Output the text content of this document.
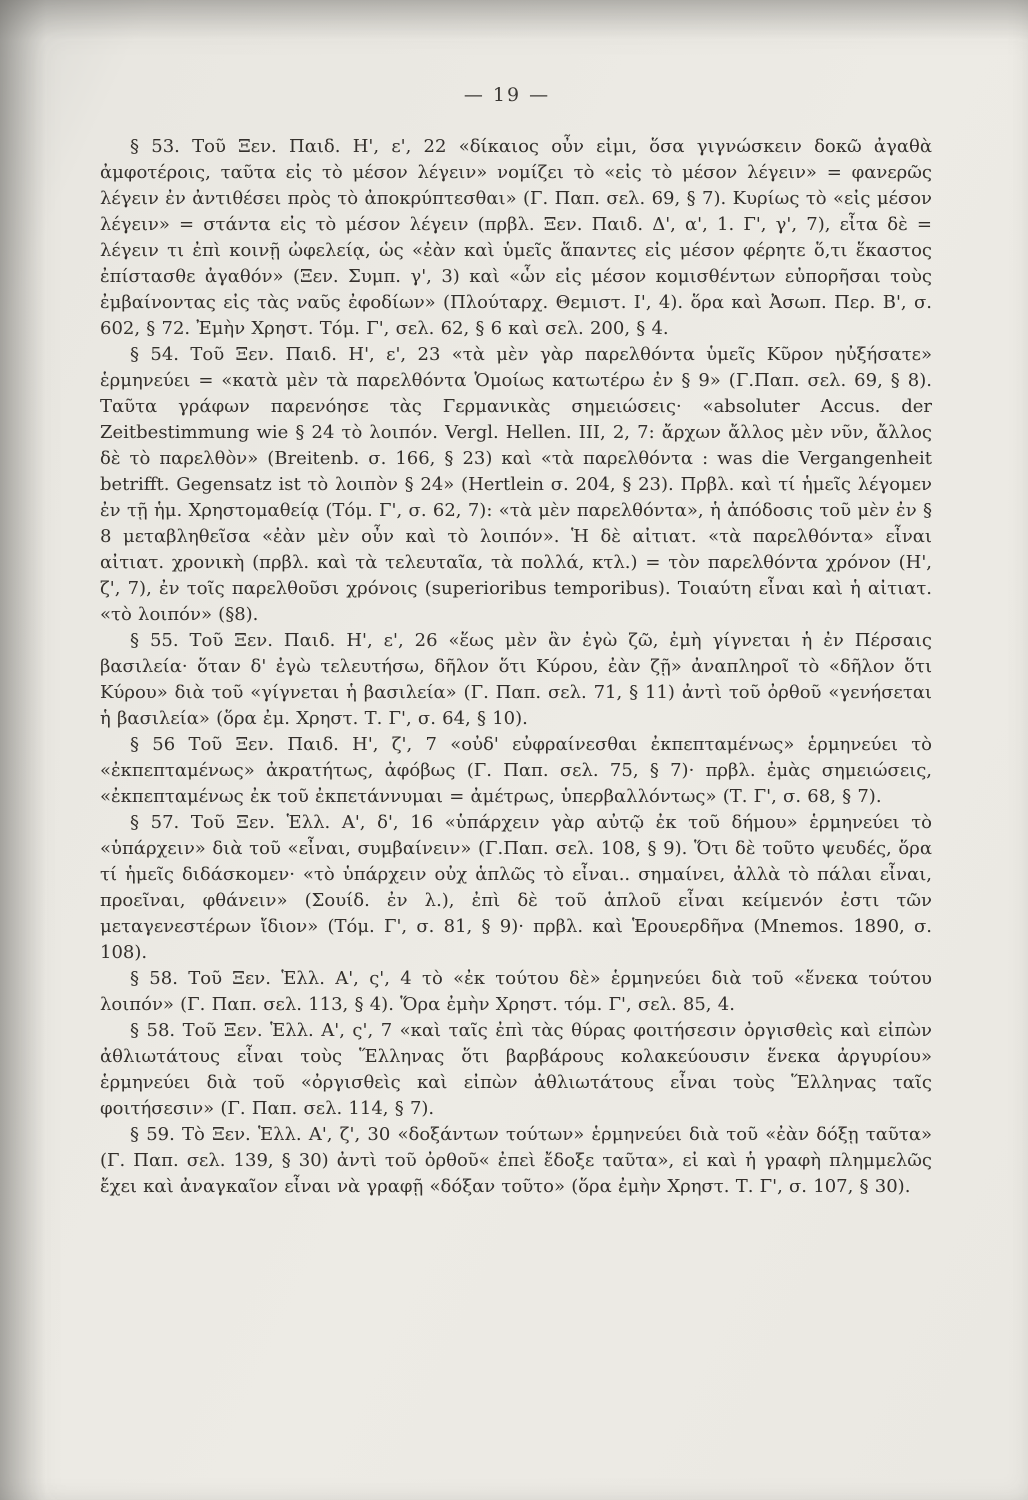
— 19 —

§ 53. Τοῦ Ξεν. Παιδ. Η', ε', 22 «δίκαιος οὖν εἰμι, ὅσα γιγνώσκειν δοκῶ ἀγαθὰ ἀμφοτέροις, ταῦτα εἰς τὸ μέσον λέγειν» νομίζει τὸ «εἰς τὸ μέσον λέγειν» = φανερῶς λέγειν ἐν ἀντιθέσει πρὸς τὸ ἀποκρύπτεσθαι» (Γ. Παπ. σελ. 69, § 7). Κυρίως τὸ «εἰς μέσον λέγειν» = στάντα εἰς τὸ μέσον λέγειν (πρβλ. Ξεν. Παιδ. Δ', α', 1. Γ', γ', 7), εἶτα δὲ = λέγειν τι ἐπὶ κοινῇ ὠφελείᾳ, ὡς «ἐὰν καὶ ὑμεῖς ἅπαντες εἰς μέσον φέρητε ὅ,τι ἕκαστος ἐπίστασθε ἀγαθόν» (Ξεν. Συμπ. γ', 3) καὶ «ὧν εἰς μέσον κομισθέντων εὐπορῆσαι τοὺς ἐμβαίνοντας εἰς τὰς ναῦς ἐφοδίων» (Πλούταρχ. Θεμιστ. Ι', 4). ὅρα καὶ Ἀσωπ. Περ. Β', σ. 602, § 72. Ἐμὴν Χρηστ. Τόμ. Γ', σελ. 62, § 6 καὶ σελ. 200, § 4.

§ 54. Τοῦ Ξεν. Παιδ. Η', ε', 23 «τὰ μὲν γὰρ παρελθόντα ὑμεῖς Κῦρον ηὐξήσατε» ἑρμηνεύει = «κατὰ μὲν τὰ παρελθόντα Ὁμοίως κατωτέρω ἐν § 9» (Γ.Παπ. σελ. 69, § 8). Ταῦτα γράφων παρενόησε τὰς Γερμανικὰς σημειώσεις· «absoluter Accus. der Zeitbestimmung wie § 24 τὸ λοιπόν. Vergl. Hellen. III, 2, 7: ἄρχων ἄλλος μὲν νῦν, ἄλλος δὲ τὸ παρελθὸν» (Breitenb. σ. 166, § 23) καὶ «τὰ παρελθόντα : was die Vergangenheit betrifft. Gegensatz ist τὸ λοιπὸν § 24» (Hertlein σ. 204, § 23). Πρβλ. καὶ τί ἡμεῖς λέγομεν ἐν τῇ ἡμ. Χρηστομαθείᾳ (Τόμ. Γ', σ. 62, 7): «τὰ μὲν παρελθόντα», ἡ ἀπόδοσις τοῦ μὲν ἐν § 8 μεταβληθεῖσα «ἐὰν μὲν οὖν καὶ τὸ λοιπόν». Ἡ δὲ αἰτιατ. «τὰ παρελθόντα» εἶναι αἰτιατ. χρονικὴ (πρβλ. καὶ τὰ τελευταῖα, τὰ πολλά, κτλ.) = τὸν παρελθόντα χρόνον (Η', ζ', 7), ἐν τοῖς παρελθοῦσι χρόνοις (superioribus temporibus). Τοιαύτη εἶναι καὶ ἡ αἰτιατ. «τὸ λοιπόν» (§8).

§ 55. Τοῦ Ξεν. Παιδ. Η', ε', 26 «ἕως μὲν ἂν ἐγὼ ζῶ, ἐμὴ γίγνεται ἡ ἐν Πέρσαις βασιλεία· ὅταν δ' ἐγὼ τελευτήσω, δῆλον ὅτι Κύρου, ἐὰν ζῇ» ἀναπληροῖ τὸ «δῆλον ὅτι Κύρου» διὰ τοῦ «γίγνεται ἡ βασιλεία» (Γ. Παπ. σελ. 71, § 11) ἀντὶ τοῦ ὀρθοῦ «γενήσεται ἡ βασιλεία» (ὅρα ἐμ. Χρηστ. Τ. Γ', σ. 64, § 10).

§ 56 Τοῦ Ξεν. Παιδ. Η', ζ', 7 «οὐδ' εὐφραίνεσθαι ἐκπεπταμένως» ἑρμηνεύει τὸ «ἐκπεπταμένως» ἀκρατήτως, ἀφόβως (Γ. Παπ. σελ. 75, § 7)· πρβλ. ἐμὰς σημειώσεις, «ἐκπεπταμένως ἐκ τοῦ ἐκπετάννυμαι = ἀμέτρως, ὑπερβαλλόντως» (Τ. Γ', σ. 68, § 7).

§ 57. Τοῦ Ξεν. Ἑλλ. Α', δ', 16 «ὑπάρχειν γὰρ αὐτῷ ἐκ τοῦ δήμου» ἑρμηνεύει τὸ «ὑπάρχειν» διὰ τοῦ «εἶναι, συμβαίνειν» (Γ.Παπ. σελ. 108, § 9). Ὅτι δὲ τοῦτο ψευδές, ὅρα τί ἡμεῖς διδάσκομεν· «τὸ ὑπάρχειν οὐχ ἁπλῶς τὸ εἶναι.. σημαίνει, ἀλλὰ τὸ πάλαι εἶναι, προεῖναι, φθάνειν» (Σουίδ. ἐν λ.), ἐπὶ δὲ τοῦ ἁπλοῦ εἶναι κείμενόν ἐστι τῶν μεταγενεστέρων ἴδιον» (Τόμ. Γ', σ. 81, § 9)· πρβλ. καὶ Ἑρουερδῆνα (Mnemos. 1890, σ. 108).

§ 58. Τοῦ Ξεν. Ἑλλ. Α', ς', 4 τὸ «ἐκ τούτου δὲ» ἑρμηνεύει διὰ τοῦ «ἕνεκα τούτου λοιπόν» (Γ. Παπ. σελ. 113, § 4). Ὅρα ἐμὴν Χρηστ. τόμ. Γ', σελ. 85, 4.

§ 58. Τοῦ Ξεν. Ἑλλ. Α', ς', 7 «καὶ ταῖς ἐπὶ τὰς θύρας φοιτήσεσιν ὀργισθεὶς καὶ εἰπὼν ἀθλιωτάτους εἶναι τοὺς Ἕλληνας ὅτι βαρβάρους κολακεύουσιν ἕνεκα ἀργυρίου» ἑρμηνεύει διὰ τοῦ «ὀργισθεὶς καὶ εἰπὼν ἀθλιωτάτους εἶναι τοὺς Ἕλληνας ταῖς φοιτήσεσιν» (Γ. Παπ. σελ. 114, § 7).

§ 59. Τὸ Ξεν. Ἑλλ. Α', ζ', 30 «δοξάντων τούτων» ἑρμηνεύει διὰ τοῦ «ἐὰν δόξῃ ταῦτα» (Γ. Παπ. σελ. 139, § 30) ἀντὶ τοῦ ὀρθοῦ« ἐπεὶ ἔδοξε ταῦτα», εἰ καὶ ἡ γραφὴ πλημμελῶς ἔχει καὶ ἀναγκαῖον εἶναι νὰ γραφῇ «δόξαν τοῦτο» (ὅρα ἐμὴν Χρηστ. Τ. Γ', σ. 107, § 30).
